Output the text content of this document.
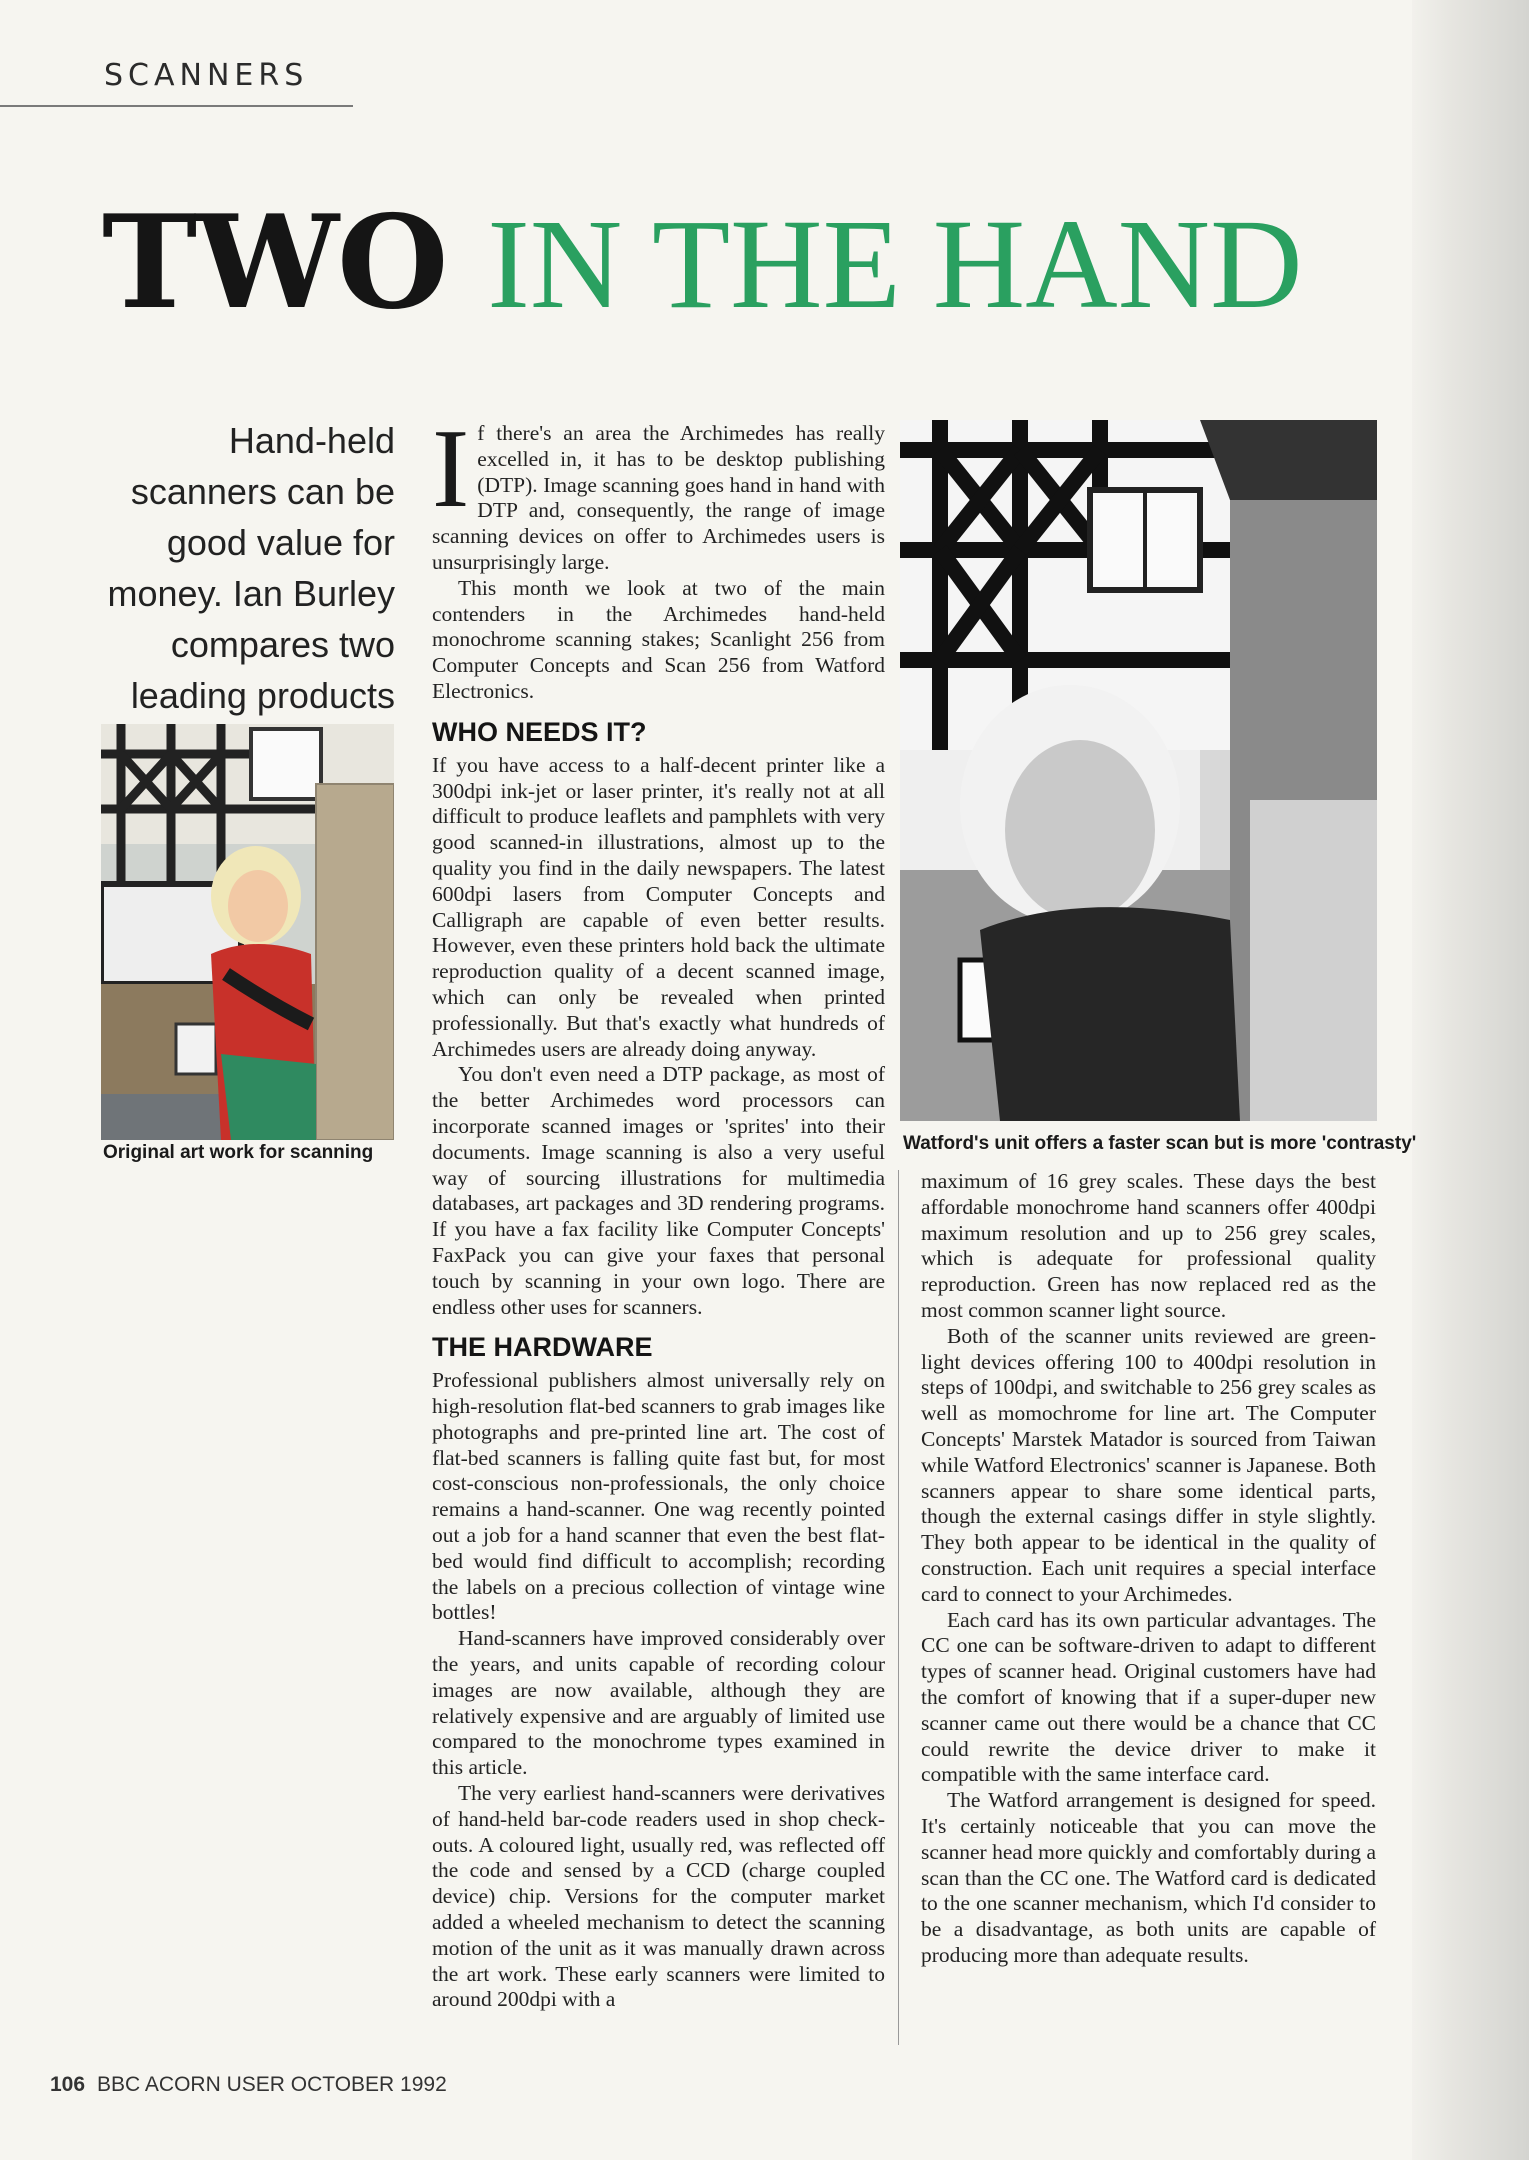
SCANNERS
TWO IN THE HAND
Hand-held scanners can be good value for money. Ian Burley compares two leading products
Original art work for scanning	Watford's unit offers a faster scan but is more 'contrasty'

If there's an area the Archimedes has really excelled in, it has to be desktop publishing (DTP). Image scanning goes hand in hand with DTP and, consequently, the range of image scanning devices on offer to Archimedes users is unsurprisingly large.

This month we look at two of the main contenders in the Archimedes hand-held monochrome scanning stakes; Scanlight 256 from Computer Concepts and Scan 256 from Watford Electronics.

WHO NEEDS IT?

If you have access to a half-decent printer like a 300dpi ink-jet or laser printer, it's really not at all difficult to produce leaflets and pamphlets with very good scanned-in illustrations, almost up to the quality you find in the daily newspapers. The latest 600dpi lasers from Computer Concepts and Calligraph are capable of even better results. However, even these printers hold back the ultimate reproduction quality of a decent scanned image, which can only be revealed when printed professionally. But that's exactly what hundreds of Archimedes users are already doing anyway.

You don't even need a DTP package, as most of the better Archimedes word processors can incorporate scanned images or 'sprites' into their documents. Image scanning is also a very useful way of sourcing illustrations for multimedia databases, art packages and 3D rendering programs. If you have a fax facility like Computer Concepts' FaxPack you can give your faxes that personal touch by scanning in your own logo. There are endless other uses for scanners.

THE HARDWARE

Professional publishers almost universally rely on high-resolution flat-bed scanners to grab images like photographs and pre-printed line art. The cost of flat-bed scanners is falling quite fast but, for most cost-conscious non-professionals, the only choice remains a hand-scanner. One wag recently pointed out a job for a hand scanner that even the best flat-bed would find difficult to accomplish; recording the labels on a precious collection of vintage wine bottles!

Hand-scanners have improved considerably over the years, and units capable of recording colour images are now available, although they are relatively expensive and are arguably of limited use compared to the monochrome types examined in this article.

The very earliest hand-scanners were derivatives of hand-held bar-code readers used in shop check-outs. A coloured light, usually red, was reflected off the code and sensed by a CCD (charge coupled device) chip. Versions for the computer market added a wheeled mechanism to detect the scanning motion of the unit as it was manually drawn across the art work. These early scanners were limited to around 200dpi with a

maximum of 16 grey scales. These days the best affordable monochrome hand scanners offer 400dpi maximum resolution and up to 256 grey scales, which is adequate for professional quality reproduction. Green has now replaced red as the most common scanner light source.

Both of the scanner units reviewed are green-light devices offering 100 to 400dpi resolution in steps of 100dpi, and switchable to 256 grey scales as well as momochrome for line art. The Computer Concepts' Marstek Matador is sourced from Taiwan while Watford Electronics' scanner is Japanese. Both scanners appear to share some identical parts, though the external casings differ in style slightly. They both appear to be identical in the quality of construction. Each unit requires a special interface card to connect to your Archimedes.

Each card has its own particular advantages. The CC one can be software-driven to adapt to different types of scanner head. Original customers have had the comfort of knowing that if a super-duper new scanner came out there would be a chance that CC could rewrite the device driver to make it compatible with the same interface card.

The Watford arrangement is designed for speed. It's certainly noticeable that you can move the scanner head more quickly and comfortably during a scan than the CC one. The Watford card is dedicated to the one scanner mechanism, which I'd consider to be a disadvantage, as both units are capable of producing more than adequate results.

106 BBC ACORN USER OCTOBER 1992
